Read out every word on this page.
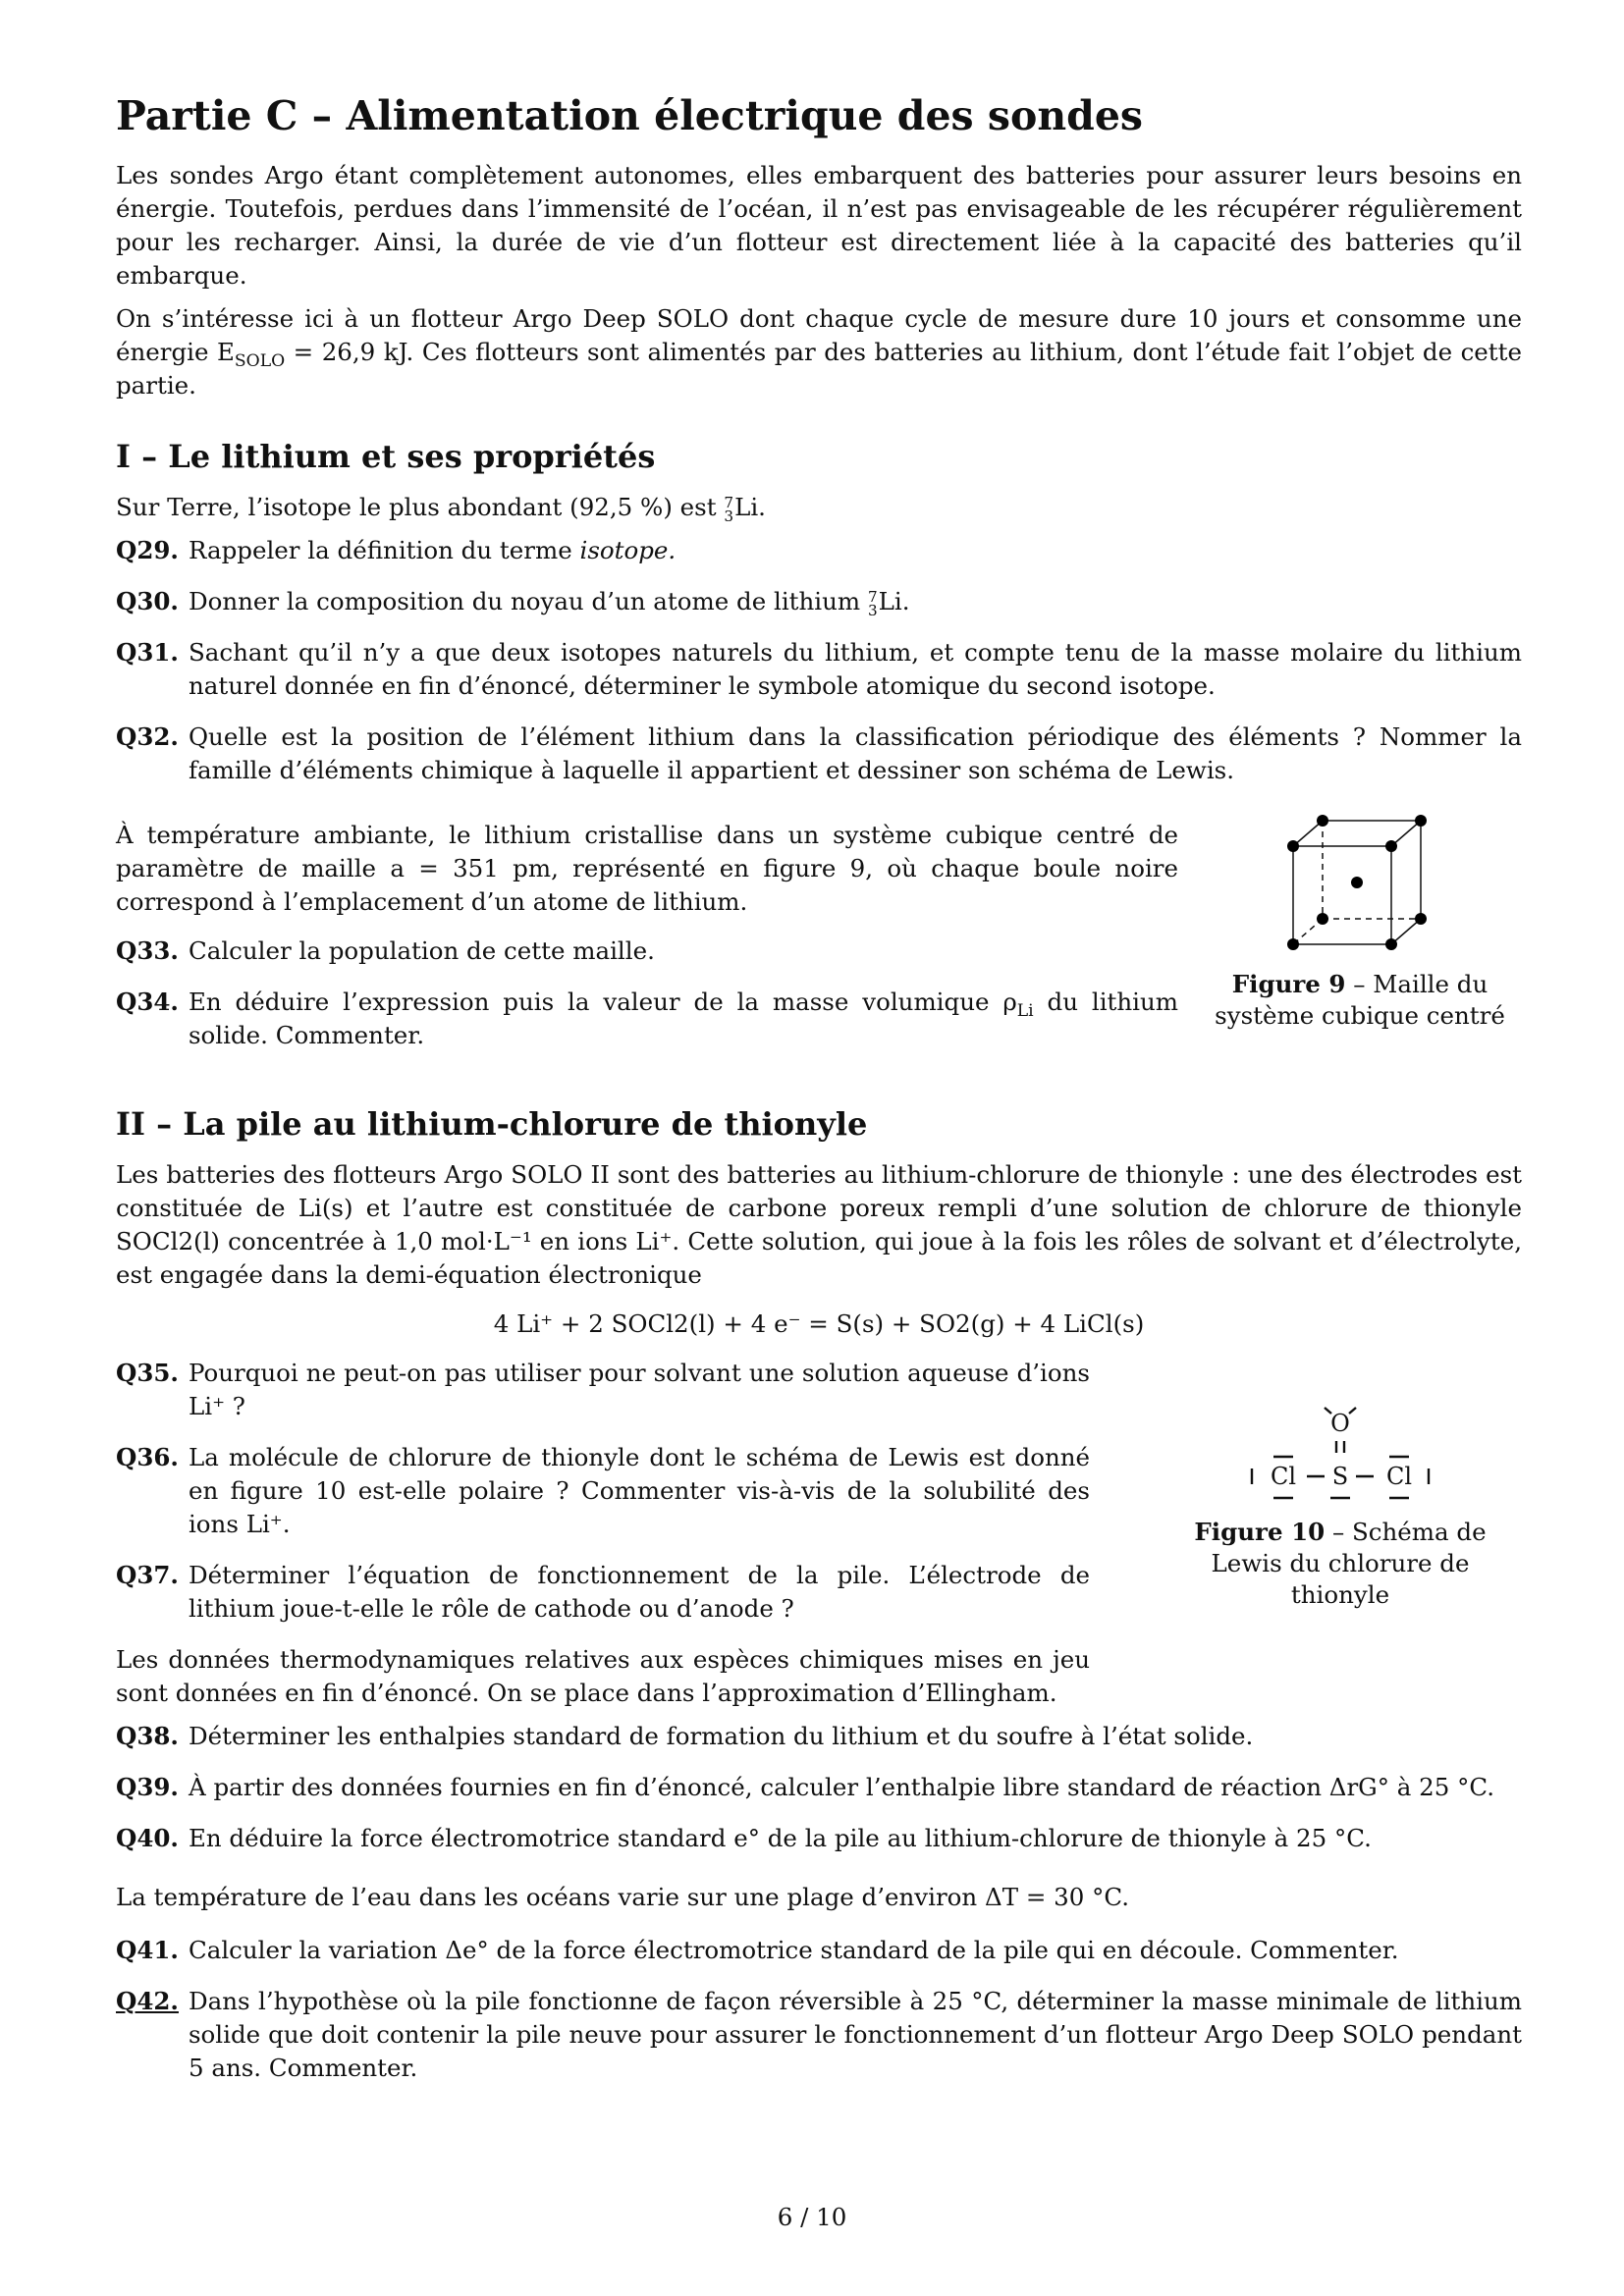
Partie C – Alimentation électrique des sondes

Les sondes Argo étant complètement autonomes, elles embarquent des batteries pour assurer leurs besoins en énergie. Toutefois, perdues dans l’immensité de l’océan, il n’est pas envisageable de les récupérer régulièrement pour les recharger. Ainsi, la durée de vie d’un flotteur est directement liée à la capacité des batteries qu’il embarque.

On s’intéresse ici à un flotteur Argo Deep SOLO dont chaque cycle de mesure dure 10 jours et consomme une énergie $E_{SOLO} = 26,9$ kJ. Ces flotteurs sont alimentés par des batteries au lithium, dont l’étude fait l’objet de cette partie.

I – Le lithium et ses propriétés

Sur Terre, l’isotope le plus abondant (92,5 %) est 7
3 Li.

Q29. Rappeler la définition du terme isotope.
Q30. Donner la composition du noyau d’un atome de lithium 7
3 Li.
Q31. Sachant qu’il n’y a que deux isotopes naturels du lithium, et compte tenu de la masse molaire du lithium naturel donnée en fin d’énoncé, déterminer le symbole atomique du second isotope.
Q32. Quelle est la position de l’élément lithium dans la classification périodique des éléments ? Nommer la famille d’éléments chimique à laquelle il appartient et dessiner son schéma de Lewis.

À température ambiante, le lithium cristallise dans un système cubique centré de paramètre de maille a = 351 pm, représenté en figure 9, où chaque boule noire correspond à l’emplacement d’un atome de lithium.

Q33. Calculer la population de cette maille.
Q34. En déduire l’expression puis la valeur de la masse volumique $\rho_{Li}$ du lithium solide. Commenter.
Figure 9 – Maille du système cubique centré
II – La pile au lithium-chlorure de thionyle

Les batteries des flotteurs Argo SOLO II sont des batteries au lithium-chlorure de thionyle : une des électrodes est constituée de Li(s) et l’autre est constituée de carbone poreux rempli d’une solution de chlorure de thionyle SOCl2(l) concentrée à 1,0 mol·L⁻¹ en ions Li⁺. Cette solution, qui joue à la fois les rôles de solvant et d’électrolyte, est engagée dans la demi-équation électronique

4 Li⁺ + 2 SOCl2(l) + 4 e⁻ = S(s) + SO2(g) + 4 LiCl(s)
Q35. Pourquoi ne peut-on pas utiliser pour solvant une solution aqueuse d’ions Li⁺ ?
Q36. La molécule de chlorure de thionyle dont le schéma de Lewis est donné en figure 10 est-elle polaire ? Commenter vis-à-vis de la solubilité des ions Li⁺.
Q37. Déterminer l’équation de fonctionnement de la pile. L’électrode de lithium joue-t-elle le rôle de cathode ou d’anode ?

Les données thermodynamiques relatives aux espèces chimiques mises en jeu sont données en fin d’énoncé. On se place dans l’approximation d’Ellingham.

O
S
Cl	Cl
Figure 10 – Schéma de Lewis du chlorure de thionyle
Q38. Déterminer les enthalpies standard de formation du lithium et du soufre à l’état solide.
Q39. À partir des données fournies en fin d’énoncé, calculer l’enthalpie libre standard de réaction ΔrG° à 25 °C.
Q40. En déduire la force électromotrice standard e° de la pile au lithium-chlorure de thionyle à 25 °C.

La température de l’eau dans les océans varie sur une plage d’environ ΔT = 30 °C.

Q41. Calculer la variation Δe° de la force électromotrice standard de la pile qui en découle. Commenter.
Q42. Dans l’hypothèse où la pile fonctionne de façon réversible à 25 °C, déterminer la masse minimale de lithium solide que doit contenir la pile neuve pour assurer le fonctionnement d’un flotteur Argo Deep SOLO pendant 5 ans. Commenter.
6 / 10
